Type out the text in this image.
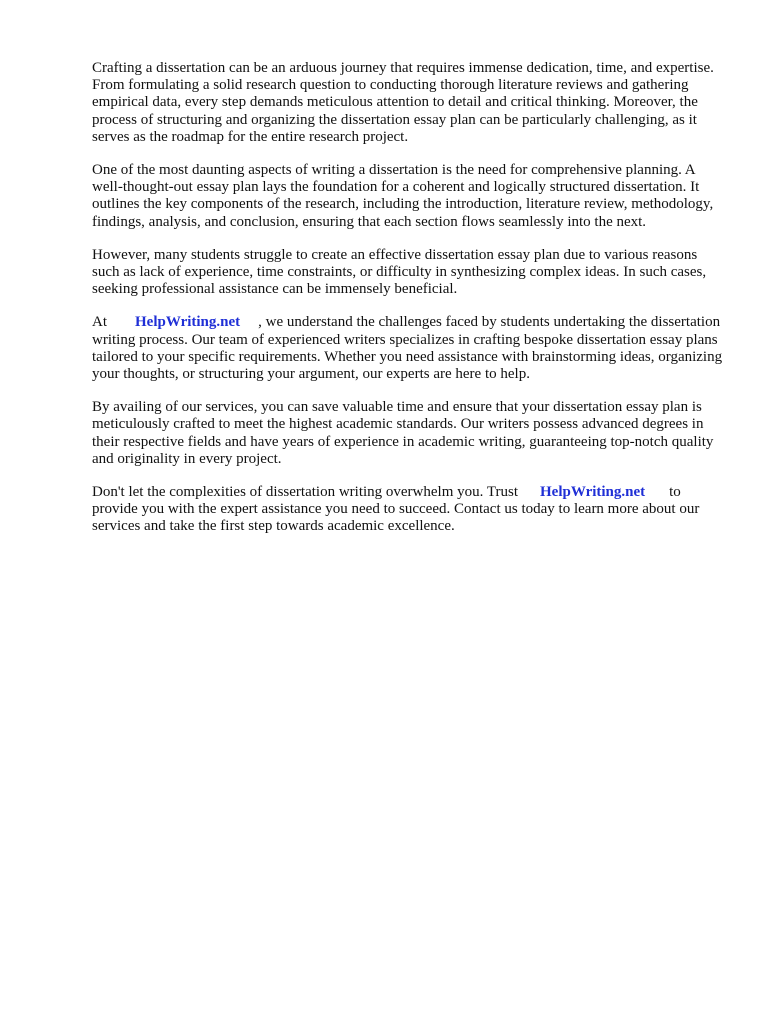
Crafting a dissertation can be an arduous journey that requires immense dedication, time, and expertise. From formulating a solid research question to conducting thorough literature reviews and gathering empirical data, every step demands meticulous attention to detail and critical thinking. Moreover, the process of structuring and organizing the dissertation essay plan can be particularly challenging, as it serves as the roadmap for the entire research project.

One of the most daunting aspects of writing a dissertation is the need for comprehensive planning. A well-thought-out essay plan lays the foundation for a coherent and logically structured dissertation. It outlines the key components of the research, including the introduction, literature review, methodology, findings, analysis, and conclusion, ensuring that each section flows seamlessly into the next.

However, many students struggle to create an effective dissertation essay plan due to various reasons such as lack of experience, time constraints, or difficulty in synthesizing complex ideas. In such cases, seeking professional assistance can be immensely beneficial.

At HelpWriting.net , we understand the challenges faced by students undertaking the dissertation writing process. Our team of experienced writers specializes in crafting bespoke dissertation essay plans tailored to your specific requirements. Whether you need assistance with brainstorming ideas, organizing your thoughts, or structuring your argument, our experts are here to help.

By availing of our services, you can save valuable time and ensure that your dissertation essay plan is meticulously crafted to meet the highest academic standards. Our writers possess advanced degrees in their respective fields and have years of experience in academic writing, guaranteeing top-notch quality and originality in every project.

Don't let the complexities of dissertation writing overwhelm you. Trust HelpWriting.net to provide you with the expert assistance you need to succeed. Contact us today to learn more about our services and take the first step towards academic excellence.
